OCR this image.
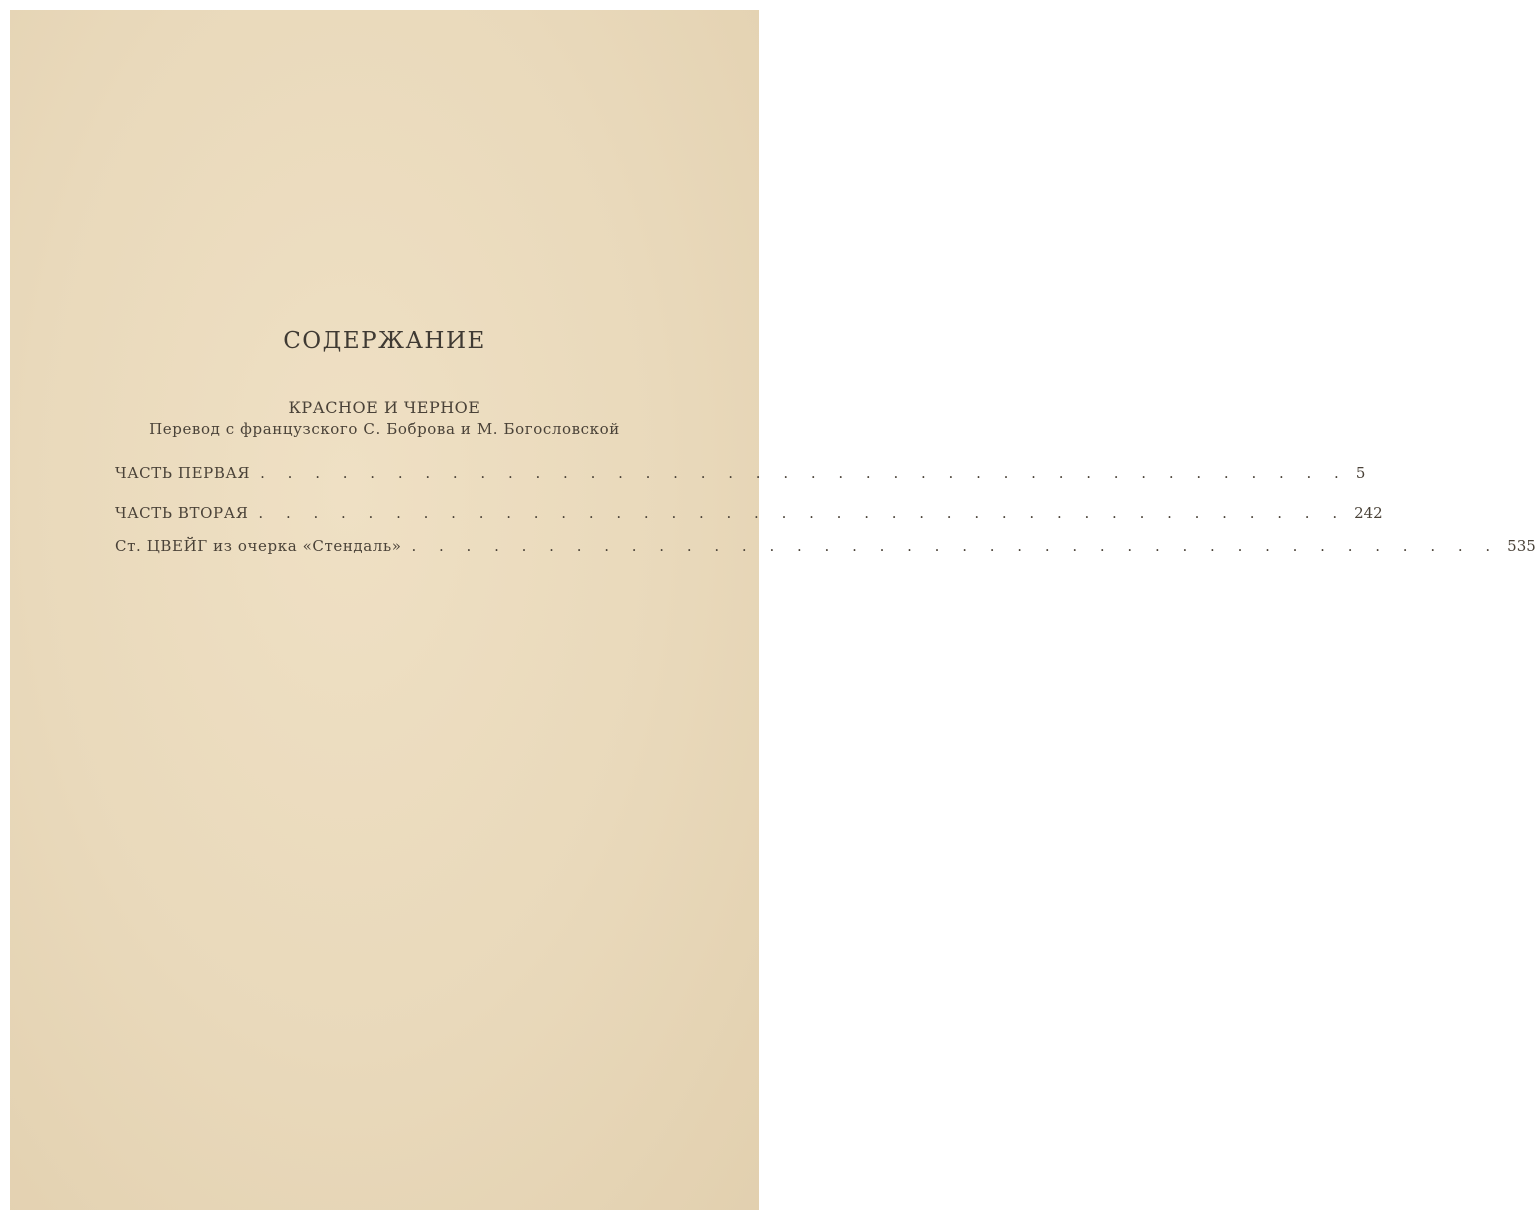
СОДЕРЖАНИЕ
КРАСНОЕ И ЧЕРНОЕ
Перевод с французского С. Боброва и М. Богословской
ЧАСТЬ ПЕРВАЯ . . . . . . . . . . . . . . . . . . . . . . . . . . . . . . . . . . . . . . . . 5
ЧАСТЬ ВТОРАЯ . . . . . . . . . . . . . . . . . . . . . . . . . . . . . . . . . . . . . . . . 242
Ст. ЦВЕЙГ из очерка «Стендаль» . . . . . . . . . . . . . . . . . . . . . . . . . . . . . . . . . . . . . . . . 535
